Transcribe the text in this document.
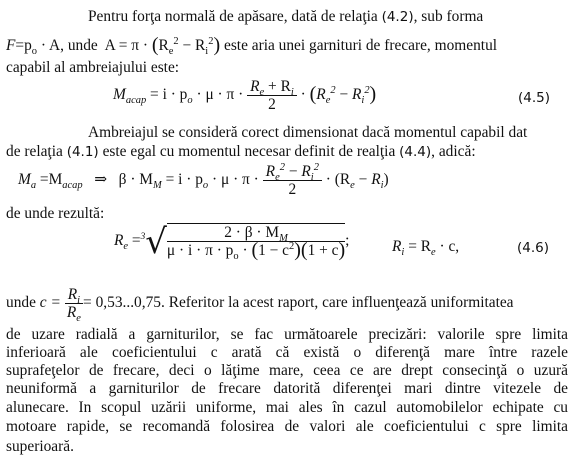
Pentru forţa normală de apăsare, dată de relaţia (4.2), sub forma
$F=p_o \cdot A$, unde  $A = \pi \cdot (R_e^2 - R_i^2)$ este aria unei garnituri de frecare, momentul
capabil al ambreiajului este:
$M_{acap} = i \cdot p_o \cdot \mu \cdot \pi \cdot \frac{R_e + R_i}{2} \cdot (R_e^2 - R_i^2)$	(4.5)
Ambreiajul se consideră corect dimensionat dacă momentul capabil dat
de relaţia (4.1) este egal cu momentul necesar definit de realţia (4.4), adică:
$M_a =M_{acap}$ ⇒ $\beta \cdot M_M = i \cdot p_o \cdot \mu \cdot \pi \cdot \frac{R_e^2 - R_i^2}{2} \cdot (R_e - R_i)$
de unde rezultă:
$R_e =^3√ \frac{2 \cdot \beta \cdot M_M}{\mu \cdot i \cdot \pi \cdot p_o \cdot (1 - c^2)(1 + c)}$ ;	$R_i = R_e \cdot c$,	(4.6)
unde $c = \frac{R_i}{R_e} = 0,53...0,75$. Referitor la acest raport, care influenţează uniformitatea
de uzare radială a garniturilor, se fac următoarele precizări: valorile spre limita
inferioară ale coeficientului c arată că există o diferenţă mare între razele
suprafeţelor de frecare, deci o lăţime mare, ceea ce are drept consecinţă o uzură
neuniformă a garniturilor de frecare datorită diferenţei mari dintre vitezele de
alunecare. In scopul uzării uniforme, mai ales în cazul automobilelor echipate cu
motoare rapide, se recomandă folosirea de valori ale coeficientului c spre limita
superioară.
